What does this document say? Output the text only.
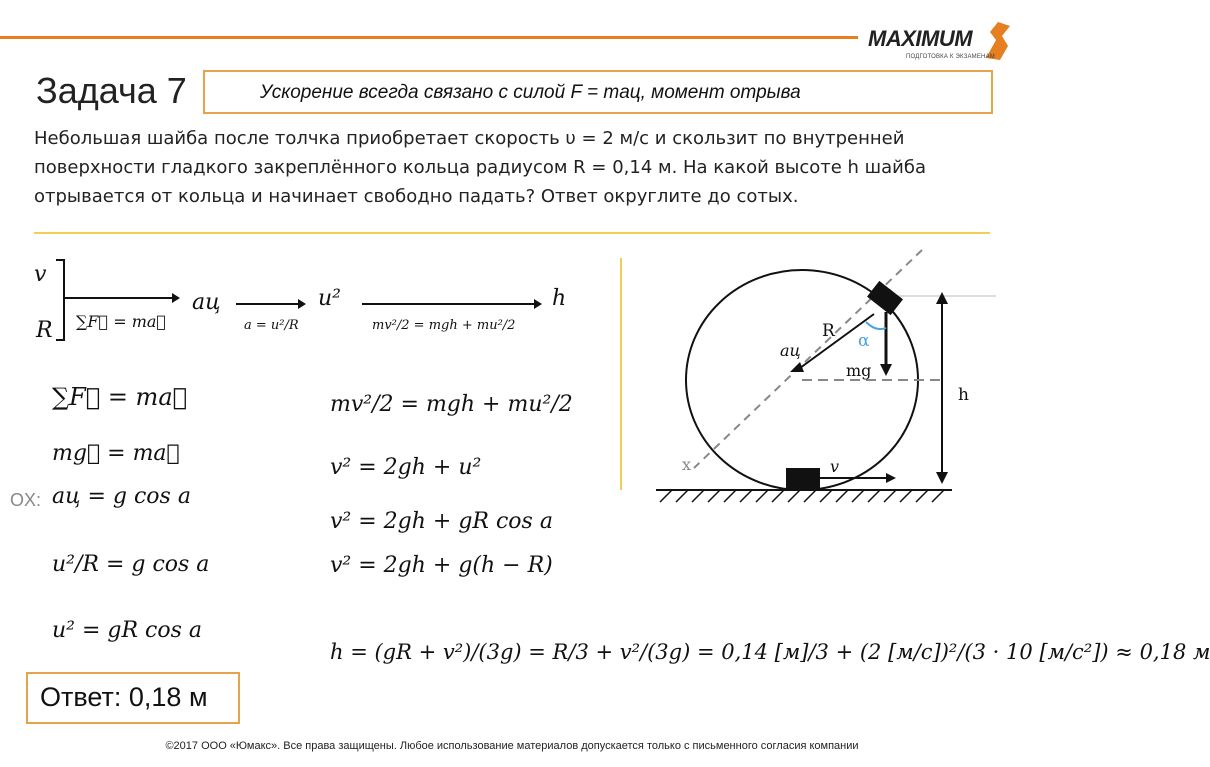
MAXIMUM
ПОДГОТОВКА К ЭКЗАМЕНАМ
Задача 7	Ускорение всегда связано с силой F = maц, момент отрыва
Небольшая шайба после толчка приобретает скорость υ = 2 м/с и скользит по внутренней поверхности гладкого закреплённого кольца радиусом R = 0,14 м. На какой высоте h шайба отрывается от кольца и начинает свободно падать? Ответ округлите до сотых.
v
R ∑F⃗ = ma⃗
aц
a = u²/R
u²
mv²/2 = mgh + mu²/2
h
∑F⃗ = ma⃗
mg⃗ = ma⃗
OX: aц = g cos a
u²/R = g cos a
u² = gR cos a
mv²/2 = mgh + mu²/2
v² = 2gh + u²
v² = 2gh + gR cos a
v² = 2gh + g(h − R)
h = (gR + v²)/(3g) = R/3 + v²/(3g) = 0,14 [м]/3 + (2 [м/с])²/(3 · 10 [м/с²]) ≈ 0,18 м
R
aц	α
mg
h
x	v
Ответ: 0,18 м
©2017 ООО «Юмакс». Все права защищены. Любое использование материалов допускается только с письменного согласия компании
